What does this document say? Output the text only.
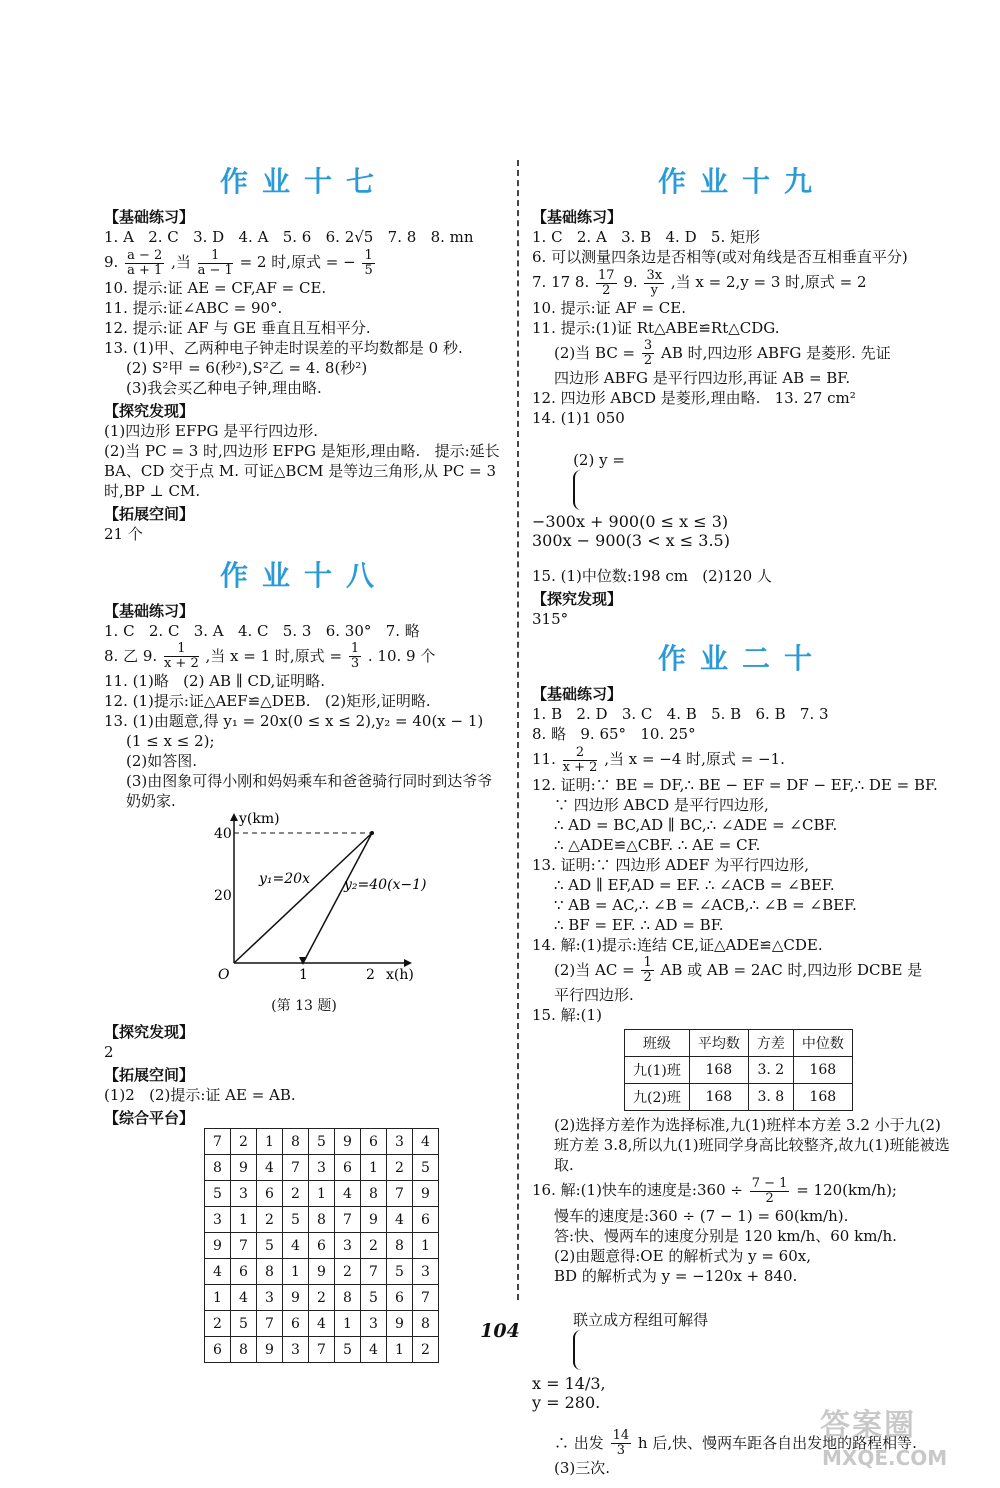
作业十七
【基础练习】

1. A   2. C   3. D   4. A   5. 6   6. 2√5   7. 8   8. mn

9. $\frac{a - 2}{a + 1}$ ,当 $\frac{1}{a - 1} = 2$ 时,原式 = − $\frac{1}{5}$

10. 提示:证 AE = CF,AF = CE.

11. 提示:证∠ABC = 90°.

12. 提示:证 AF 与 GE 垂直且互相平分.

13. (1)甲、乙两种电子钟走时误差的平均数都是 0 秒.

(2) S²甲 = 6(秒²),S²乙 = 4. 8(秒²)

(3)我会买乙种电子钟,理由略.

【探究发现】

(1)四边形 EFPG 是平行四边形.

(2)当 PC = 3 时,四边形 EFPG 是矩形,理由略.   提示:延长 BA、CD 交于点 M. 可证△BCM 是等边三角形,从 PC = 3 时,BP ⊥ CM.

【拓展空间】

21 个

作业十八
【基础练习】

1. C   2. C   3. A   4. C   5. 3   6. 30°   7. 略

8. 乙 9. $\frac{1}{x + 2}$ ,当 x = 1 时,原式 = $\frac{1}{3}$ . 10. 9 个

11. (1)略   (2) AB ∥ CD,证明略.

12. (1)提示:证△AEF≌△DEB.   (2)矩形,证明略.

13. (1)由题意,得 y₁ = 20x(0 ≤ x ≤ 2),y₂ = 40(x − 1)

(1 ≤ x ≤ 2);

(2)如答图.

(3)由图象可得小刚和妈妈乘车和爸爸骑行同时到达爷爷奶奶家.

y(km)
40
20
O	1	2 x(h)
y₁=20x y₂=40(x−1)
(第 13 题)
【探究发现】

2

【拓展空间】

(1)2   (2)提示:证 AE = AB.

【综合平台】
7	2	1	8	5	9	6	3	4
8	9	4	7	3	6	1	2	5
5	3	6	2	1	4	8	7	9
3	1	2	5	8	7	9	4	6
9	7	5	4	6	3	2	8	1
4	6	8	1	9	2	7	5	3
1	4	3	9	2	8	5	6	7
2	5	7	6	4	1	3	9	8
6	8	9	3	7	5	4	1	2
作业十九
【基础练习】

1. C   2. A   3. B   4. D   5. 矩形

6. 可以测量四条边是否相等(或对角线是否互相垂直平分)

7. 17 8. $\frac{17}{2} 9$. $\frac{3x}{y}$ ,当 x = 2,y = 3 时,原式 = 2

10. 提示:证 AF = CE.

11. 提示:(1)证 Rt△ABE≌Rt△CDG.

(2)当 BC = $\frac{3}{2}$ AB 时,四边形 ABFG 是菱形. 先证

四边形 ABFG 是平行四边形,再证 AB = BF.

12. 四边形 ABCD 是菱形,理由略.   13. 27 cm²

14. (1)1 050

(2) y =

−300x + 900(0 ≤ x ≤ 3)
300x − 900(3 < x ≤ 3.5)

15. (1)中位数:198 cm   (2)120 人

【探究发现】

315°

作业二十
【基础练习】

1. B   2. D   3. C   4. B   5. B   6. B   7. 3

8. 略   9. 65°   10. 25°

11. $\frac{2}{x + 2}$ ,当 x = −4 时,原式 = −1.

12. 证明:∵ BE = DF,∴ BE − EF = DF − EF,∴ DE = BF.

∵ 四边形 ABCD 是平行四边形,

∴ AD = BC,AD ∥ BC,∴ ∠ADE = ∠CBF.

∴ △ADE≌△CBF. ∴ AE = CF.

13. 证明:∵ 四边形 ADEF 为平行四边形,

∴ AD ∥ EF,AD = EF. ∴ ∠ACB = ∠BEF.

∵ AB = AC,∴ ∠B = ∠ACB,∴ ∠B = ∠BEF.

∴ BF = EF. ∴ AD = BF.

14. 解:(1)提示:连结 CE,证△ADE≌△CDE.

(2)当 AC = $\frac{1}{2}$ AB 或 AB = 2AC 时,四边形 DCBE 是

平行四边形.

15. 解:(1)

班级	平均数	方差	中位数
九(1)班	168	3. 2	168
九(2)班	168	3. 8	168

(2)选择方差作为选择标准,九(1)班样本方差 3.2 小于九(2)班方差 3.8,所以九(1)班同学身高比较整齐,故九(1)班能被选取.

16. 解:(1)快车的速度是:360 ÷ $\frac{7 - 1}{2} = 120(km/h)$;

慢车的速度是:360 ÷ (7 − 1) = 60(km/h).

答:快、慢两车的速度分别是 120 km/h、60 km/h.

(2)由题意得:OE 的解析式为 y = 60x,

BD 的解析式为 y = −120x + 840.

联立成方程组可解得

x = 14/3,
y = 280.

∴ 出发 $\frac{14}{3}$ h 后,快、慢两车距各自出发地的路程相等.

(3)三次.

104
答案圈
MXQE.COM
